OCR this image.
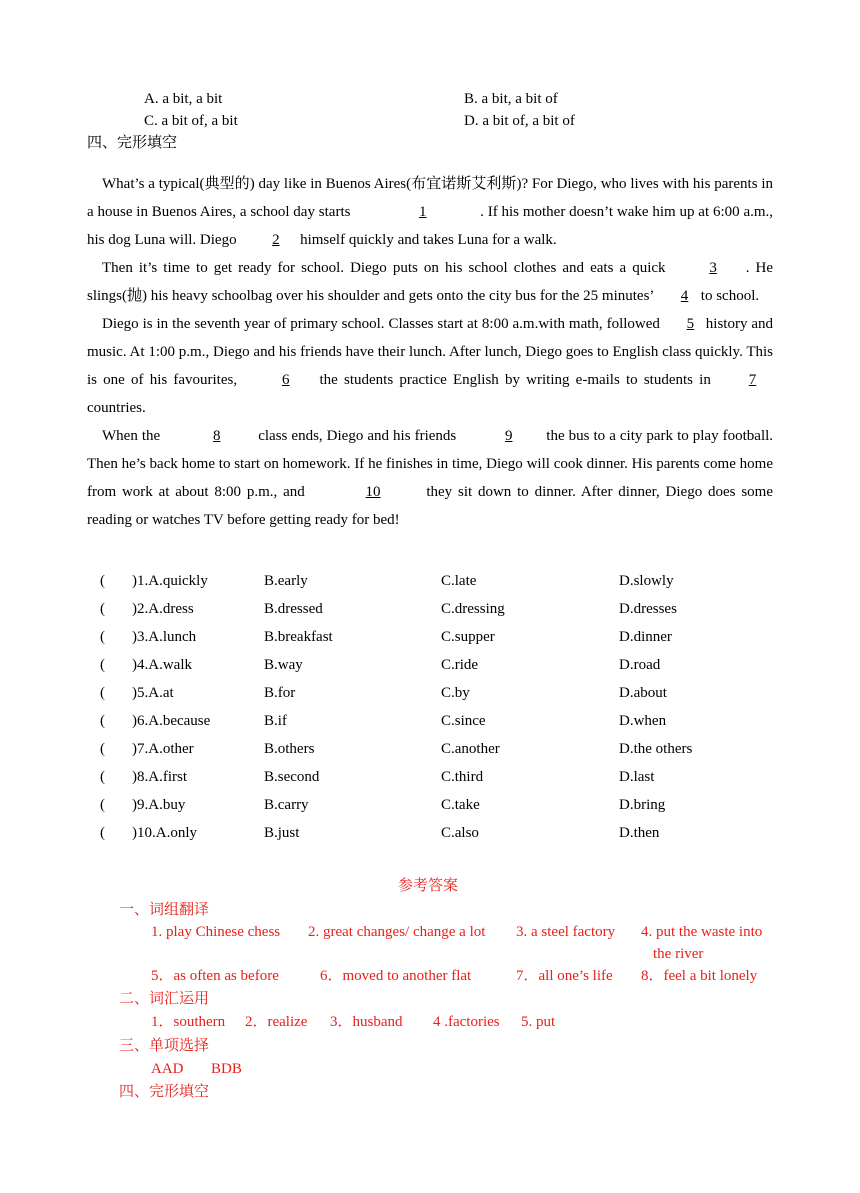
A. a bit, a bit	B. a bit, a bit of
C. a bit of, a bit	D. a bit of, a bit of
四、完形填空

What’s a typical(典型的) day like in Buenos Aires(布宜诺斯艾利斯)? For Diego, who lives with his parents in a house in Buenos Aires, a school day starts	1	. If his mother doesn’t wake him up at 6:00 a.m., his dog Luna will. Diego 2 himself quickly and takes Luna for a walk.

Then it’s time to get ready for school. Diego puts on his school clothes and eats a quick	3 . He slings(抛) his heavy schoolbag over his shoulder and gets onto the city bus for the 25 minutes’ 4 to school.

Diego is in the seventh year of primary school. Classes start at 8:00 a.m.with math, followed 5 history and music. At 1:00 p.m., Diego and his friends have their lunch. After lunch, Diego goes to English class quickly. This is one of his favourites,	6 the students practice English by writing e-mails to students in	7 countries.

When the	8	class ends, Diego and his friends	9 the bus to a city park to play football. Then he’s back home to start on homework. If he finishes in time, Diego will cook dinner. His parents come home from work at about 8:00 p.m., and	10	they sit down to dinner. After dinner, Diego does some reading or watches TV before getting ready for bed!

( )1.A.quickly	B.early	C.late	D.slowly
( )2.A.dress	B.dressed	C.dressing	D.dresses
( )3.A.lunch	B.breakfast	C.supper	D.dinner
( )4.A.walk	B.way	C.ride	D.road
( )5.A.at	B.for	C.by	D.about
( )6.A.because	B.if	C.since	D.when
( )7.A.other	B.others	C.another	D.the others
( )8.A.first	B.second	C.third	D.last
( )9.A.buy	B.carry	C.take	D.bring
( )10.A.only	B.just	C.also	D.then
参考答案
一、词组翻译
1. play Chinese chess 2. great changes/ change a lot 3. a steel factory 4. put the waste into
the river
5．as often as before	6．moved to another flat	7．all one’s life 8．feel a bit lonely
二、词汇运用
1．southern 2．realize 3．husband 4 .factories 5. put
三、单项选择
AAD BDB
四、完形填空
